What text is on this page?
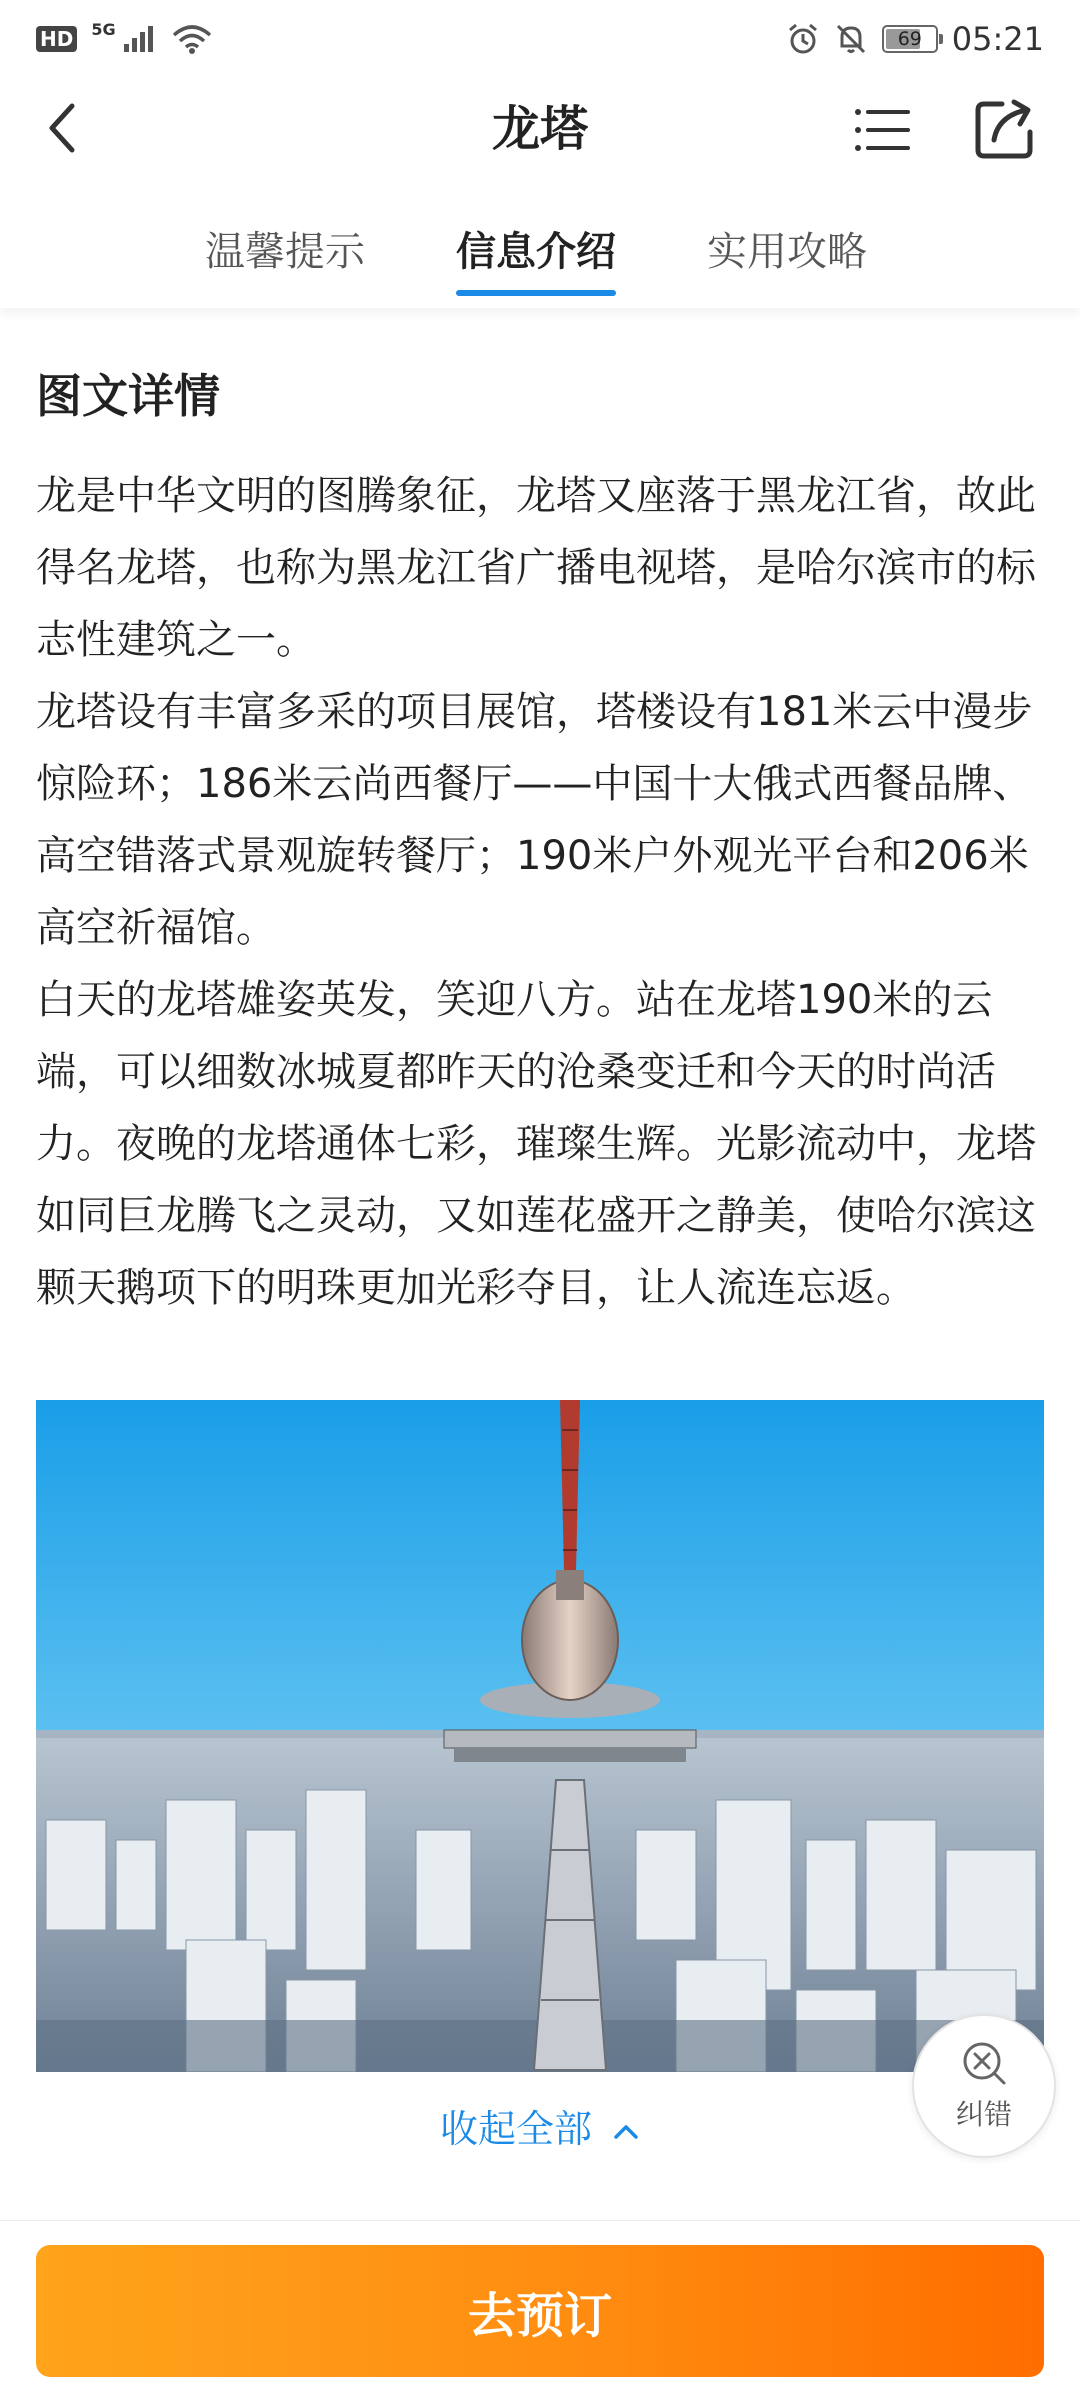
HD 5G	69 05:21
龙塔
温馨提示 信息介绍 实用攻略
图文详情

龙是中华文明的图腾象征，龙塔又座落于黑龙江省，故此得名龙塔，也称为黑龙江省广播电视塔，是哈尔滨市的标志性建筑之一。

龙塔设有丰富多采的项目展馆，塔楼设有181米云中漫步惊险环；186米云尚西餐厅——中国十大俄式西餐品牌、高空错落式景观旋转餐厅；190米户外观光平台和206米高空祈福馆。

白天的龙塔雄姿英发，笑迎八方。站在龙塔190米的云端，可以细数冰城夏都昨天的沧桑变迁和今天的时尚活力。夜晚的龙塔通体七彩，璀璨生辉。光影流动中，龙塔如同巨龙腾飞之灵动，又如莲花盛开之静美，使哈尔滨这颗天鹅项下的明珠更加光彩夺目，让人流连忘返。

收起全部	纠错
去预订
